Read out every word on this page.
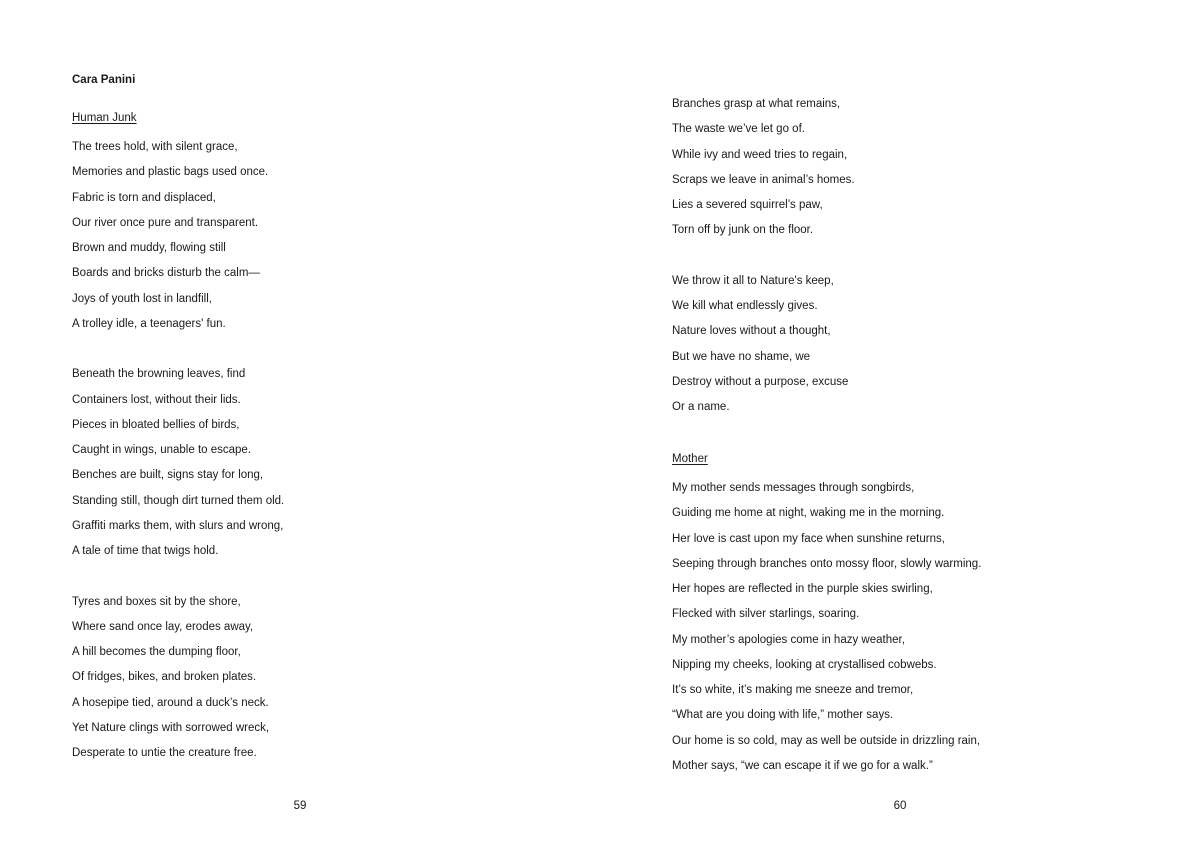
Cara Panini
Human Junk
The trees hold, with silent grace,
Memories and plastic bags used once.
Fabric is torn and displaced,
Our river once pure and transparent.
Brown and muddy, flowing still
Boards and bricks disturb the calm—
Joys of youth lost in landfill,
A trolley idle, a teenagers' fun.
Beneath the browning leaves, find
Containers lost, without their lids.
Pieces in bloated bellies of birds,
Caught in wings, unable to escape.
Benches are built, signs stay for long,
Standing still, though dirt turned them old.
Graffiti marks them, with slurs and wrong,
A tale of time that twigs hold.
Tyres and boxes sit by the shore,
Where sand once lay, erodes away,
A hill becomes the dumping floor,
Of fridges, bikes, and broken plates.
A hosepipe tied, around a duck’s neck.
Yet Nature clings with sorrowed wreck,
Desperate to untie the creature free.
59
Branches grasp at what remains,
The waste we’ve let go of.
While ivy and weed tries to regain,
Scraps we leave in animal’s homes.
Lies a severed squirrel’s paw,
Torn off by junk on the floor.
We throw it all to Nature's keep,
We kill what endlessly gives.
Nature loves without a thought,
But we have no shame, we
Destroy without a purpose, excuse
Or a name.
Mother
My mother sends messages through songbirds,
Guiding me home at night, waking me in the morning.
Her love is cast upon my face when sunshine returns,
Seeping through branches onto mossy floor, slowly warming.
Her hopes are reflected in the purple skies swirling,
Flecked with silver starlings, soaring.
My mother’s apologies come in hazy weather,
Nipping my cheeks, looking at crystallised cobwebs.
It’s so white, it’s making me sneeze and tremor,
“What are you doing with life,” mother says.
Our home is so cold, may as well be outside in drizzling rain,
Mother says, “we can escape it if we go for a walk.”
60
